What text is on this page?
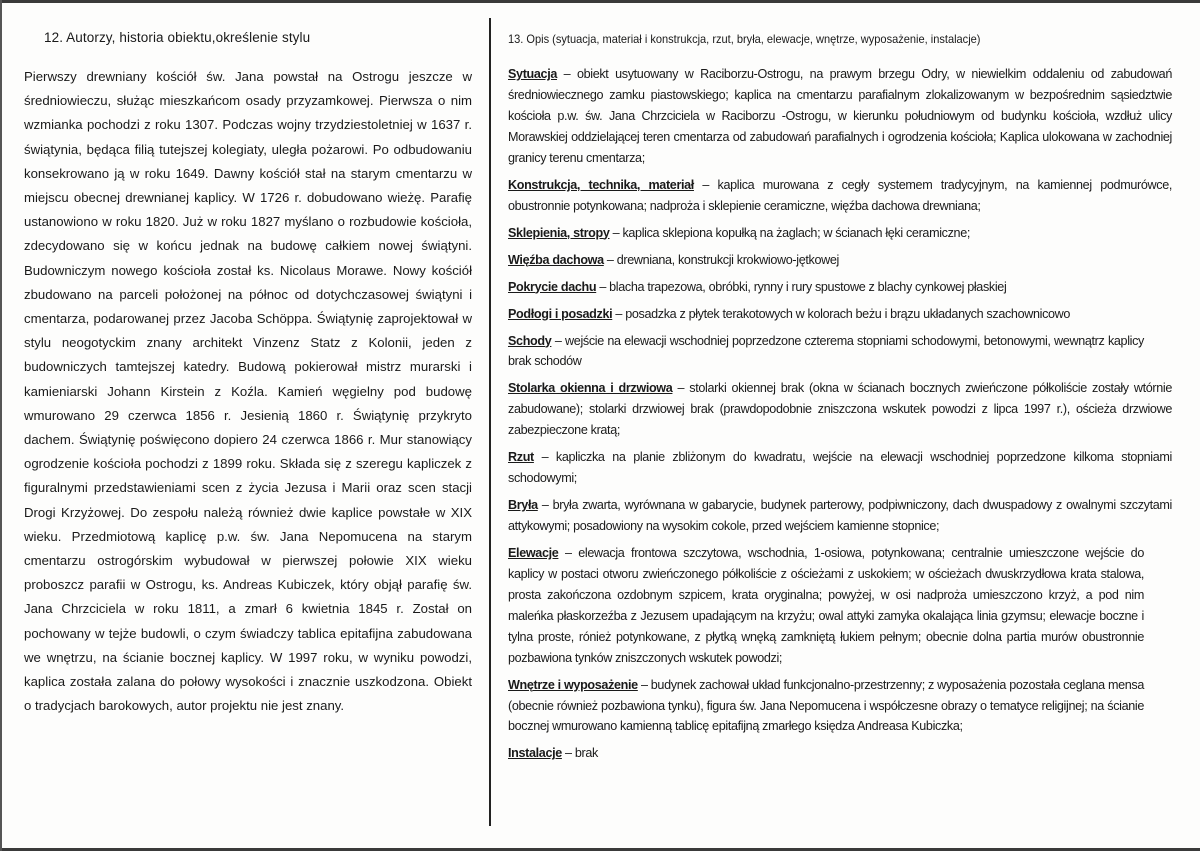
12. Autorzy, historia obiektu,określenie stylu

Pierwszy drewniany kościół św. Jana powstał na Ostrogu jeszcze w średniowieczu, służąc mieszkańcom osady przyzamkowej. Pierwsza o nim wzmianka pochodzi z roku 1307. Podczas wojny trzydziestoletniej w 1637 r. świątynia, będąca filią tutejszej kolegiaty, uległa pożarowi. Po odbudowaniu konsekrowano ją w roku 1649. Dawny kościół stał na starym cmentarzu w miejscu obecnej drewnianej kaplicy. W 1726 r. dobudowano wieżę. Parafię ustanowiono w roku 1820. Już w roku 1827 myślano o rozbudowie kościoła, zdecydowano się w końcu jednak na budowę całkiem nowej świątyni. Budowniczym nowego kościoła został ks. Nicolaus Morawe. Nowy kościół zbudowano na parceli położonej na północ od dotychczasowej świątyni i cmentarza, podarowanej przez Jacoba Schöppa. Świątynię zaprojektował w stylu neogotyckim znany architekt Vinzenz Statz z Kolonii, jeden z budowniczych tamtejszej katedry. Budową pokierował mistrz murarski i kamieniarski Johann Kirstein z Koźla. Kamień węgielny pod budowę wmurowano 29 czerwca 1856 r. Jesienią 1860 r. Świątynię przykryto dachem. Świątynię poświęcono dopiero 24 czerwca 1866 r. Mur stanowiący ogrodzenie kościoła pochodzi z 1899 roku. Składa się z szeregu kapliczek z figuralnymi przedstawieniami scen z życia Jezusa i Marii oraz scen stacji Drogi Krzyżowej. Do zespołu należą również dwie kaplice powstałe w XIX wieku. Przedmiotową kaplicę p.w. św. Jana Nepomucena na starym cmentarzu ostrogórskim wybudował w pierwszej połowie XIX wieku proboszcz parafii w Ostrogu, ks. Andreas Kubiczek, który objął parafię św. Jana Chrzciciela w roku 1811, a zmarł 6 kwietnia 1845 r. Został on pochowany w tejże budowli, o czym świadczy tablica epitafijna zabudowana we wnętrzu, na ścianie bocznej kaplicy. W 1997 roku, w wyniku powodzi, kaplica została zalana do połowy wysokości i znacznie uszkodzona. Obiekt o tradycjach barokowych, autor projektu nie jest znany.

13. Opis (sytuacja, materiał i konstrukcja, rzut, bryła, elewacje, wnętrze, wyposażenie, instalacje)

Sytuacja – obiekt usytuowany w Raciborzu-Ostrogu, na prawym brzegu Odry, w niewielkim oddaleniu od zabudowań średniowiecznego zamku piastowskiego; kaplica na cmentarzu parafialnym zlokalizowanym w bezpośrednim sąsiedztwie kościoła p.w. św. Jana Chrzciciela w Raciborzu -Ostrogu, w kierunku południowym od budynku kościoła, wzdłuż ulicy Morawskiej oddzielającej teren cmentarza od zabudowań parafialnych i ogrodzenia kościoła; Kaplica ulokowana w zachodniej granicy terenu cmentarza;

Konstrukcja, technika, materiał – kaplica murowana z cegły systemem tradycyjnym, na kamiennej podmurówce, obustronnie potynkowana; nadproża i sklepienie ceramiczne, więźba dachowa drewniana;

Sklepienia, stropy – kaplica sklepiona kopułką na żaglach; w ścianach łęki ceramiczne;

Więźba dachowa – drewniana, konstrukcji krokwiowo-jętkowej

Pokrycie dachu – blacha trapezowa, obróbki, rynny i rury spustowe z blachy cynkowej płaskiej

Podłogi i posadzki – posadzka z płytek terakotowych w kolorach beżu i brązu układanych szachownicowo

Schody – wejście na elewacji wschodniej poprzedzone czterema stopniami schodowymi, betonowymi, wewnątrz kaplicy brak schodów

Stolarka okienna i drzwiowa – stolarki okiennej brak (okna w ścianach bocznych zwieńczone półkoliście zostały wtórnie zabudowane); stolarki drzwiowej brak (prawdopodobnie zniszczona wskutek powodzi z lipca 1997 r.), ościeża drzwiowe zabezpieczone kratą;

Rzut – kapliczka na planie zbliżonym do kwadratu, wejście na elewacji wschodniej poprzedzone kilkoma stopniami schodowymi;

Bryła – bryła zwarta, wyrównana w gabarycie, budynek parterowy, podpiwniczony, dach dwuspadowy z owalnymi szczytami attykowymi; posadowiony na wysokim cokole, przed wejściem kamienne stopnice;

Elewacje – elewacja frontowa szczytowa, wschodnia, 1-osiowa, potynkowana; centralnie umieszczone wejście do kaplicy w postaci otworu zwieńczonego półkoliście z ościeżami z uskokiem; w ościeżach dwuskrzydłowa krata stalowa, prosta zakończona ozdobnym szpicem, krata oryginalna; powyżej, w osi nadproża umieszczono krzyż, a pod nim maleńka płaskorzeźba z Jezusem upadającym na krzyżu; owal attyki zamyka okalająca linia gzymsu; elewacje boczne i tylna proste, rónież potynkowane, z płytką wnęką zamkniętą łukiem pełnym; obecnie dolna partia murów obustronnie pozbawiona tynków zniszczonych wskutek powodzi;

Wnętrze i wyposażenie – budynek zachował układ funkcjonalno-przestrzenny; z wyposażenia pozostała ceglana mensa (obecnie również pozbawiona tynku), figura św. Jana Nepomucena i współczesne obrazy o tematyce religijnej; na ścianie bocznej wmurowano kamienną tablicę epitafijną zmarłego księdza Andreasa Kubiczka;

Instalacje – brak
